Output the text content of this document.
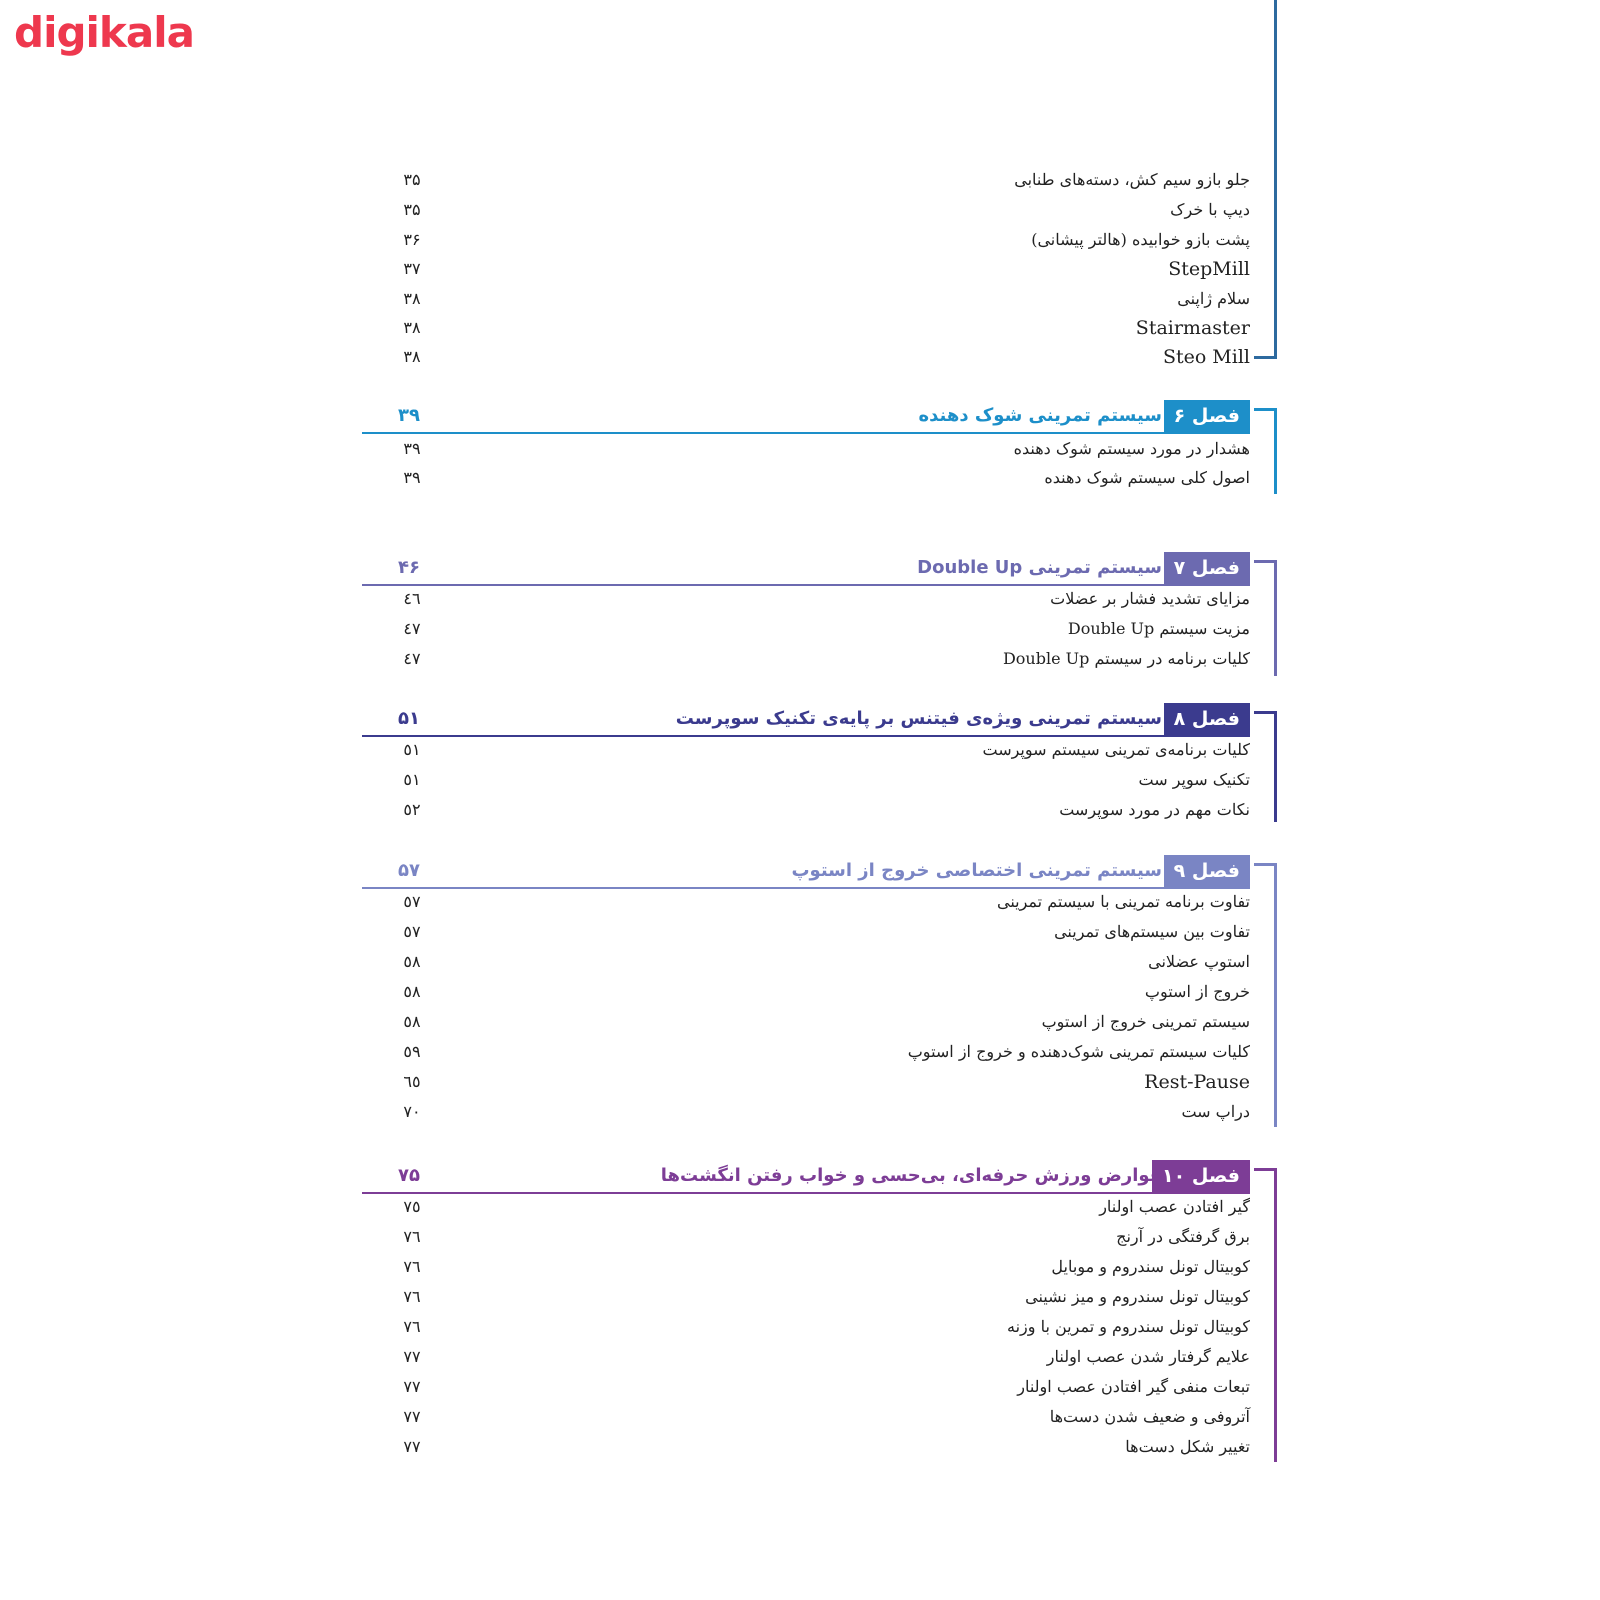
digikala
جلو بازو سیم کش، دسته‌های طنابی
۳۵
دیپ با خرک
۳۵
پشت بازو خوابیده (هالتر پیشانی)
۳۶
StepMill
۳۷
سلام ژاپنی
۳۸
Stairmaster
۳۸
Steo Mill
۳۸
فصل ۶
سیستم تمرینی شوک دهنده
۳۹
هشدار در مورد سیستم شوک دهنده
۳۹
اصول کلی سیستم شوک دهنده
۳۹
فصل ۷
سیستم تمرینی Double Up
۴۶
مزایای تشدید فشار بر عضلات
٤٦
مزیت سیستم Double Up
٤٧
کلیات برنامه در سیستم Double Up
٤٧
فصل ۸
سیستم تمرینی ویژه‌ی فیتنس بر پایه‌ی تکنیک سوپرست
۵۱
کلیات برنامه‌ی تمرینی سیستم سوپرست
٥١
تکنیک سوپر ست
٥١
نکات مهم در مورد سوپرست
٥٢
فصل ۹
سیستم تمرینی اختصاصی خروج از استوپ
۵۷
تفاوت برنامه تمرینی با سیستم تمرینی
٥٧
تفاوت بین سیستم‌های تمرینی
٥٧
استوپ عضلانی
٥٨
خروج از استوپ
٥٨
سیستم تمرینی خروج از استوپ
٥٨
کلیات سیستم تمرینی شوک‌دهنده و خروج از استوپ
٥٩
Rest-Pause
٦٥
دراپ ست
٧٠
فصل ۱۰
عوارض ورزش حرفه‌ای، بی‌حسی و خواب رفتن انگشت‌ها
۷۵
گیر افتادن عصب اولنار
٧٥
برق گرفتگی در آرنج
٧٦
کوبیتال تونل سندروم و موبایل
٧٦
کوبیتال تونل سندروم و میز نشینی
٧٦
کوبیتال تونل سندروم و تمرین با وزنه
٧٦
علایم گرفتار شدن عصب اولنار
٧٧
تبعات منفی گیر افتادن عصب اولنار
٧٧
آتروفی و ضعیف شدن دست‌ها
٧٧
تغییر شکل دست‌ها
٧٧
